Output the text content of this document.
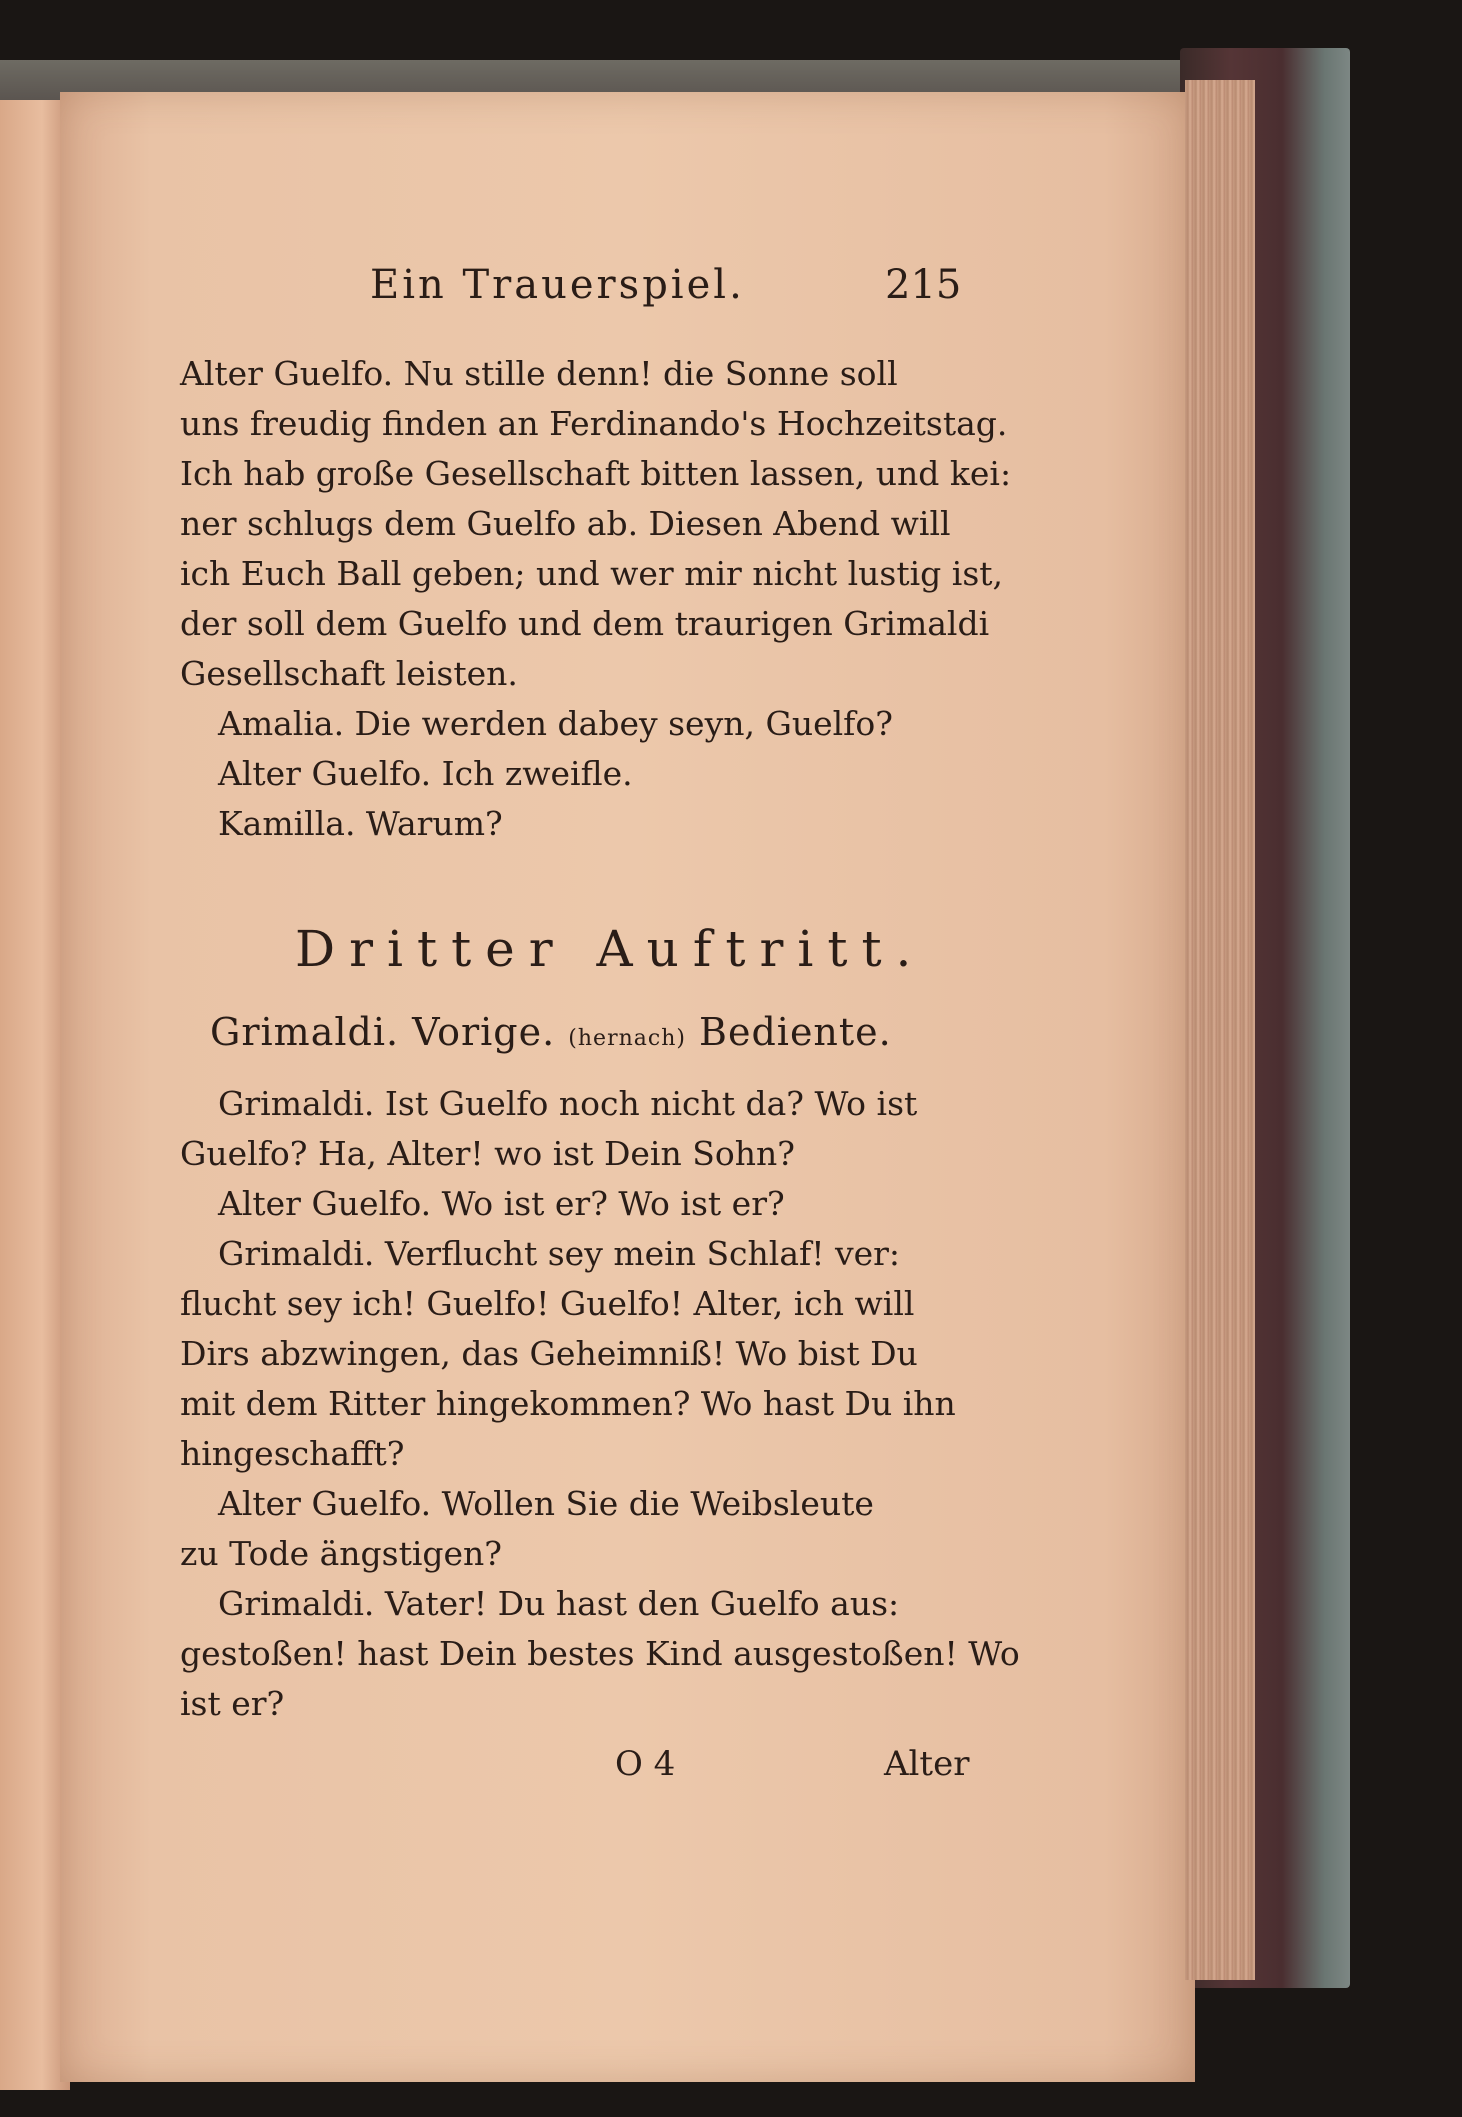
Ein Trauerspiel.	215
Alter Guelfo. Nu stille denn! die Sonne soll
uns freudig finden an Ferdinando's Hochzeitstag.
Ich hab große Gesellschaft bitten lassen, und kei:
ner schlugs dem Guelfo ab. Diesen Abend will
ich Euch Ball geben; und wer mir nicht lustig ist,
der soll dem Guelfo und dem traurigen Grimaldi
Gesellschaft leisten.
Amalia. Die werden dabey seyn, Guelfo?
Alter Guelfo. Ich zweifle.
Kamilla. Warum?
Dritter Auftritt.
Grimaldi. Vorige. (hernach) Bediente.
Grimaldi. Ist Guelfo noch nicht da? Wo ist
Guelfo? Ha, Alter! wo ist Dein Sohn?
Alter Guelfo. Wo ist er? Wo ist er?
Grimaldi. Verflucht sey mein Schlaf! ver:
flucht sey ich! Guelfo! Guelfo! Alter, ich will
Dirs abzwingen, das Geheimniß! Wo bist Du
mit dem Ritter hingekommen? Wo hast Du ihn
hingeschafft?
Alter Guelfo. Wollen Sie die Weibsleute
zu Tode ängstigen?
Grimaldi. Vater! Du hast den Guelfo aus:
gestoßen! hast Dein bestes Kind ausgestoßen! Wo
ist er?
O 4	Alter
